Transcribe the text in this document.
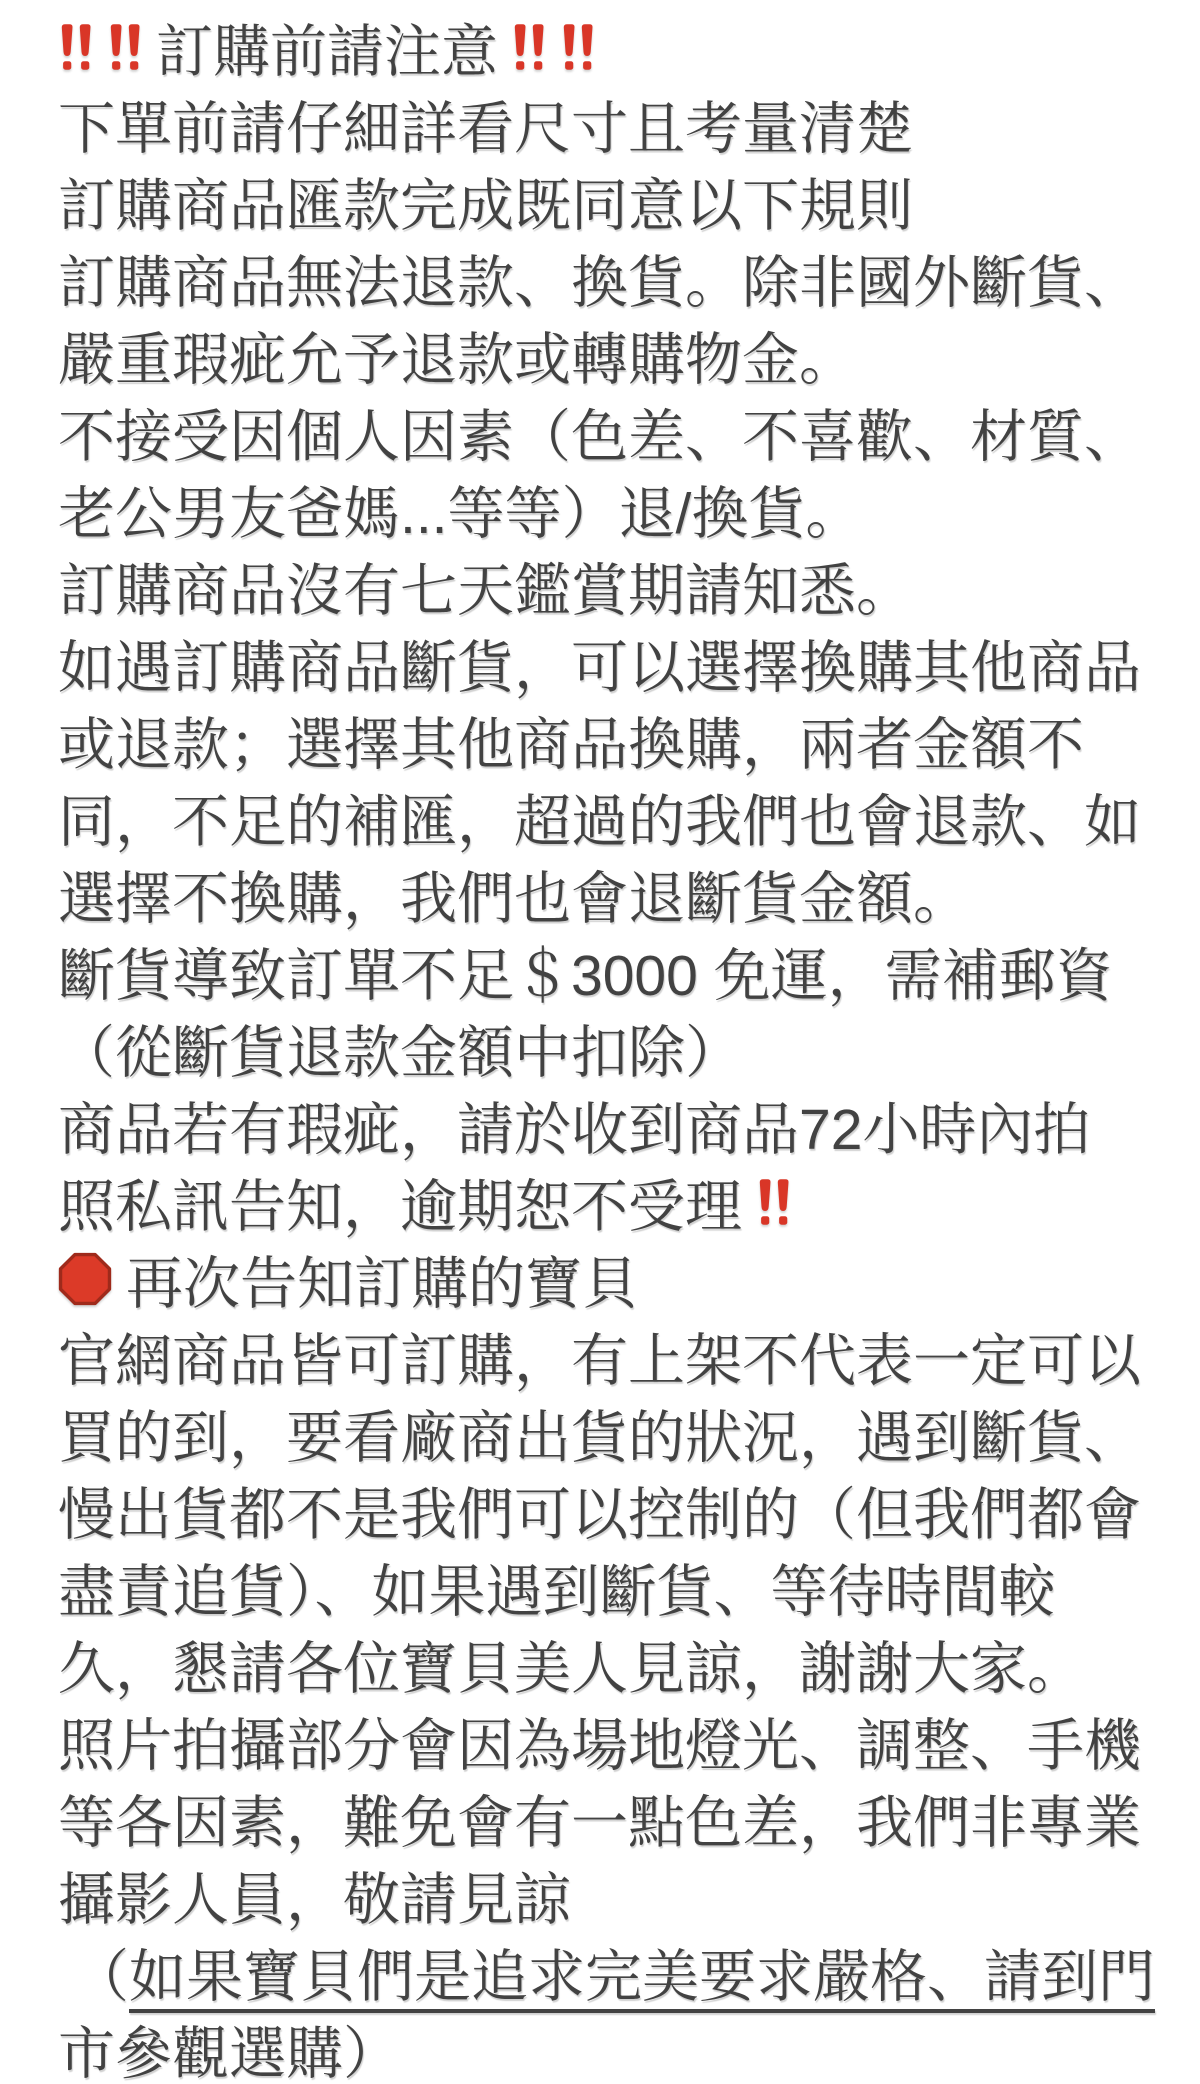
訂購前請注意
下單前請仔細詳看尺寸且考量清楚
訂購商品匯款完成既同意以下規則
訂購商品無法退款、換貨。除非國外斷貨、
嚴重瑕疵允予退款或轉購物金。
不接受因個人因素（色差、不喜歡、材質、
老公男友爸媽...等等）退/換貨。
訂購商品沒有七天鑑賞期請知悉。
如遇訂購商品斷貨，可以選擇換購其他商品
或退款；選擇其他商品換購，兩者金額不
同，不足的補匯，超過的我們也會退款、如
選擇不換購，我們也會退斷貨金額。
斷貨導致訂單不足＄3000 免運，需補郵資
（從斷貨退款金額中扣除）
商品若有瑕疵，請於收到商品72小時內拍
照私訊告知，逾期恕不受理
再次告知訂購的寶貝
官網商品皆可訂購，有上架不代表一定可以
買的到，要看廠商出貨的狀況，遇到斷貨、
慢出貨都不是我們可以控制的（但我們都會
盡責追貨）、如果遇到斷貨、等待時間較
久，懇請各位寶貝美人見諒，謝謝大家。
照片拍攝部分會因為場地燈光、調整、手機
等各因素，難免會有一點色差，我們非專業
攝影人員，敬請見諒
（ 如果寶貝們是追求完美要求嚴格、請到門
市參觀選購）
